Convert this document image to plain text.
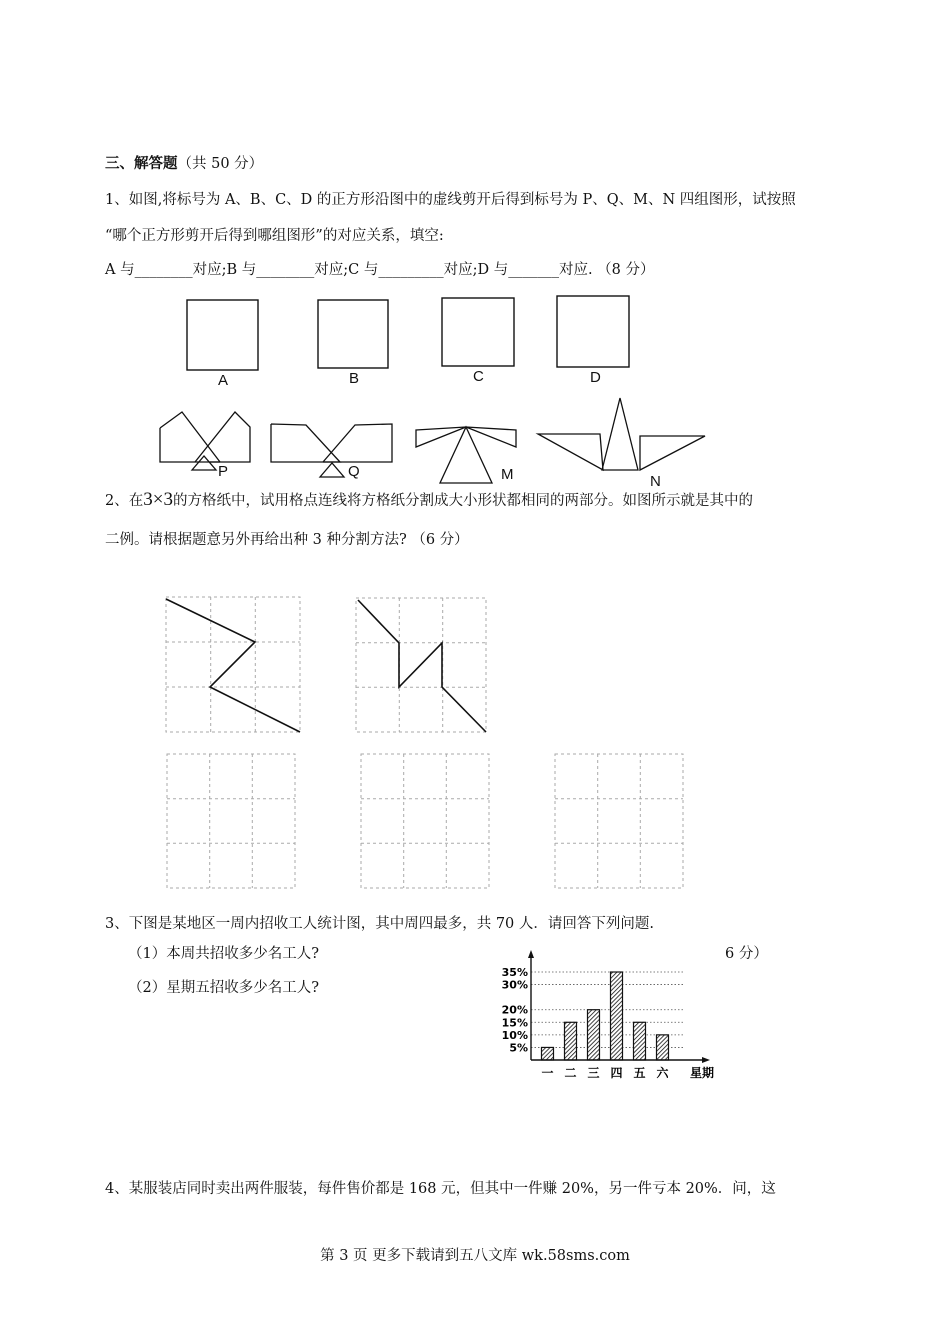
三、解答题（共 50 分）
1、如图,将标号为 A、B、C、D 的正方形沿图中的虚线剪开后得到标号为 P、Q、M、N 四组图形，试按照
“哪个正方形剪开后得到哪组图形”的对应关系，填空:
A 与________对应;B 与________对应;C 与_________对应;D 与_______对应. （8 分）
A	B	C	D
P	Q	M	N
2、在3×3的方格纸中，试用格点连线将方格纸分割成大小形状都相同的两部分。如图所示就是其中的
二例。请根据题意另外再给出种 3 种分割方法? （6 分）
3、下图是某地区一周内招收工人统计图，其中周四最多，共 70 人．请回答下列问题.
（1）本周共招收多少名工人?
（2）星期五招收多少名工人?
6 分）
5%
10%
15%
20%
30%
35%
一 二 三 四 五 六 星期
4、某服装店同时卖出两件服装，每件售价都是 168 元，但其中一件赚 20%，另一件亏本 20%．问，这
第 3 页 更多下载请到五八文库 wk.58sms.com
